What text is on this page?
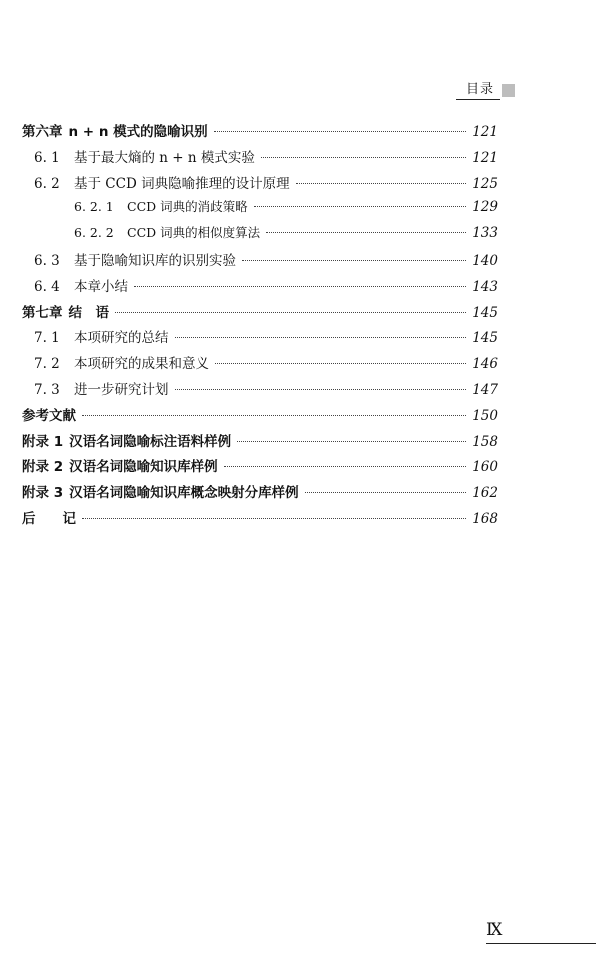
目录
第六章 n + n 模式的隐喻识别	121
6. 1	基于最大熵的 n + n 模式实验	121
6. 2	基于 CCD 词典隐喻推理的设计原理	125
6. 2. 1	CCD 词典的消歧策略	129
6. 2. 2	CCD 词典的相似度算法	133
6. 3	基于隐喻知识库的识别实验	140
6. 4	本章小结	143
第七章 结　语	145
7. 1	本项研究的总结	145
7. 2	本项研究的成果和意义	146
7. 3	进一步研究计划	147
参考文献	150
附录 1 汉语名词隐喻标注语料样例	158
附录 2 汉语名词隐喻知识库样例	160
附录 3 汉语名词隐喻知识库概念映射分库样例	162
后　　记	168
Ⅸ
